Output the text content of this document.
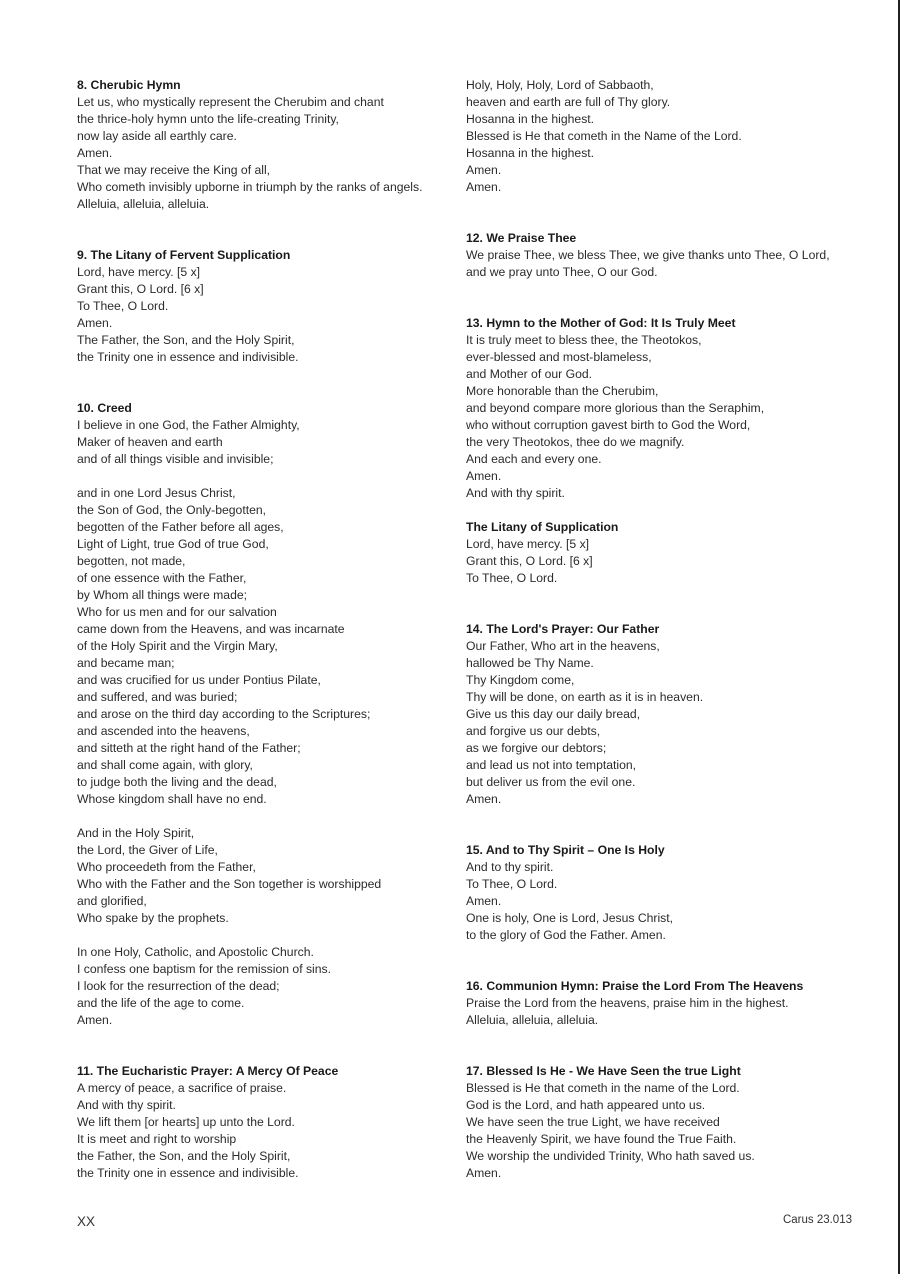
8. Cherubic Hymn

Let us, who mystically represent the Cherubim and chant

the thrice-holy hymn unto the life-creating Trinity,

now lay aside all earthly care.

Amen.

That we may receive the King of all,

Who cometh invisibly upborne in triumph by the ranks of angels.

Alleluia, alleluia, alleluia.

9. The Litany of Fervent Supplication

Lord, have mercy. [5 x]

Grant this, O Lord. [6 x]

To Thee, O Lord.

Amen.

The Father, the Son, and the Holy Spirit,

the Trinity one in essence and indivisible.

10. Creed

I believe in one God, the Father Almighty,

Maker of heaven and earth

and of all things visible and invisible;

and in one Lord Jesus Christ,

the Son of God, the Only-begotten,

begotten of the Father before all ages,

Light of Light, true God of true God,

begotten, not made,

of one essence with the Father,

by Whom all things were made;

Who for us men and for our salvation

came down from the Heavens, and was incarnate

of the Holy Spirit and the Virgin Mary,

and became man;

and was crucified for us under Pontius Pilate,

and suffered, and was buried;

and arose on the third day according to the Scriptures;

and ascended into the heavens,

and sitteth at the right hand of the Father;

and shall come again, with glory,

to judge both the living and the dead,

Whose kingdom shall have no end.

And in the Holy Spirit,

the Lord, the Giver of Life,

Who proceedeth from the Father,

Who with the Father and the Son together is worshipped

and glorified,

Who spake by the prophets.

In one Holy, Catholic, and Apostolic Church.

I confess one baptism for the remission of sins.

I look for the resurrection of the dead;

and the life of the age to come.

Amen.

11. The Eucharistic Prayer: A Mercy Of Peace

A mercy of peace, a sacrifice of praise.

And with thy spirit.

We lift them [or hearts] up unto the Lord.

It is meet and right to worship

the Father, the Son, and the Holy Spirit,

the Trinity one in essence and indivisible.

Holy, Holy, Holy, Lord of Sabbaoth,

heaven and earth are full of Thy glory.

Hosanna in the highest.

Blessed is He that cometh in the Name of the Lord.

Hosanna in the highest.

Amen.

Amen.

12. We Praise Thee

We praise Thee, we bless Thee, we give thanks unto Thee, O Lord,

and we pray unto Thee, O our God.

13. Hymn to the Mother of God: It Is Truly Meet

It is truly meet to bless thee, the Theotokos,

ever-blessed and most-blameless,

and Mother of our God.

More honorable than the Cherubim,

and beyond compare more glorious than the Seraphim,

who without corruption gavest birth to God the Word,

the very Theotokos, thee do we magnify.

And each and every one.

Amen.

And with thy spirit.

The Litany of Supplication

Lord, have mercy. [5 x]

Grant this, O Lord. [6 x]

To Thee, O Lord.

14. The Lord's Prayer: Our Father

Our Father, Who art in the heavens,

hallowed be Thy Name.

Thy Kingdom come,

Thy will be done, on earth as it is in heaven.

Give us this day our daily bread,

and forgive us our debts,

as we forgive our debtors;

and lead us not into temptation,

but deliver us from the evil one.

Amen.

15. And to Thy Spirit – One Is Holy

And to thy spirit.

To Thee, O Lord.

Amen.

One is holy, One is Lord, Jesus Christ,

to the glory of God the Father. Amen.

16. Communion Hymn: Praise the Lord From The Heavens

Praise the Lord from the heavens, praise him in the highest.

Alleluia, alleluia, alleluia.

17. Blessed Is He - We Have Seen the true Light

Blessed is He that cometh in the name of the Lord.

God is the Lord, and hath appeared unto us.

We have seen the true Light, we have received

the Heavenly Spirit, we have found the True Faith.

We worship the undivided Trinity, Who hath saved us.

Amen.

XX	Carus 23.013
